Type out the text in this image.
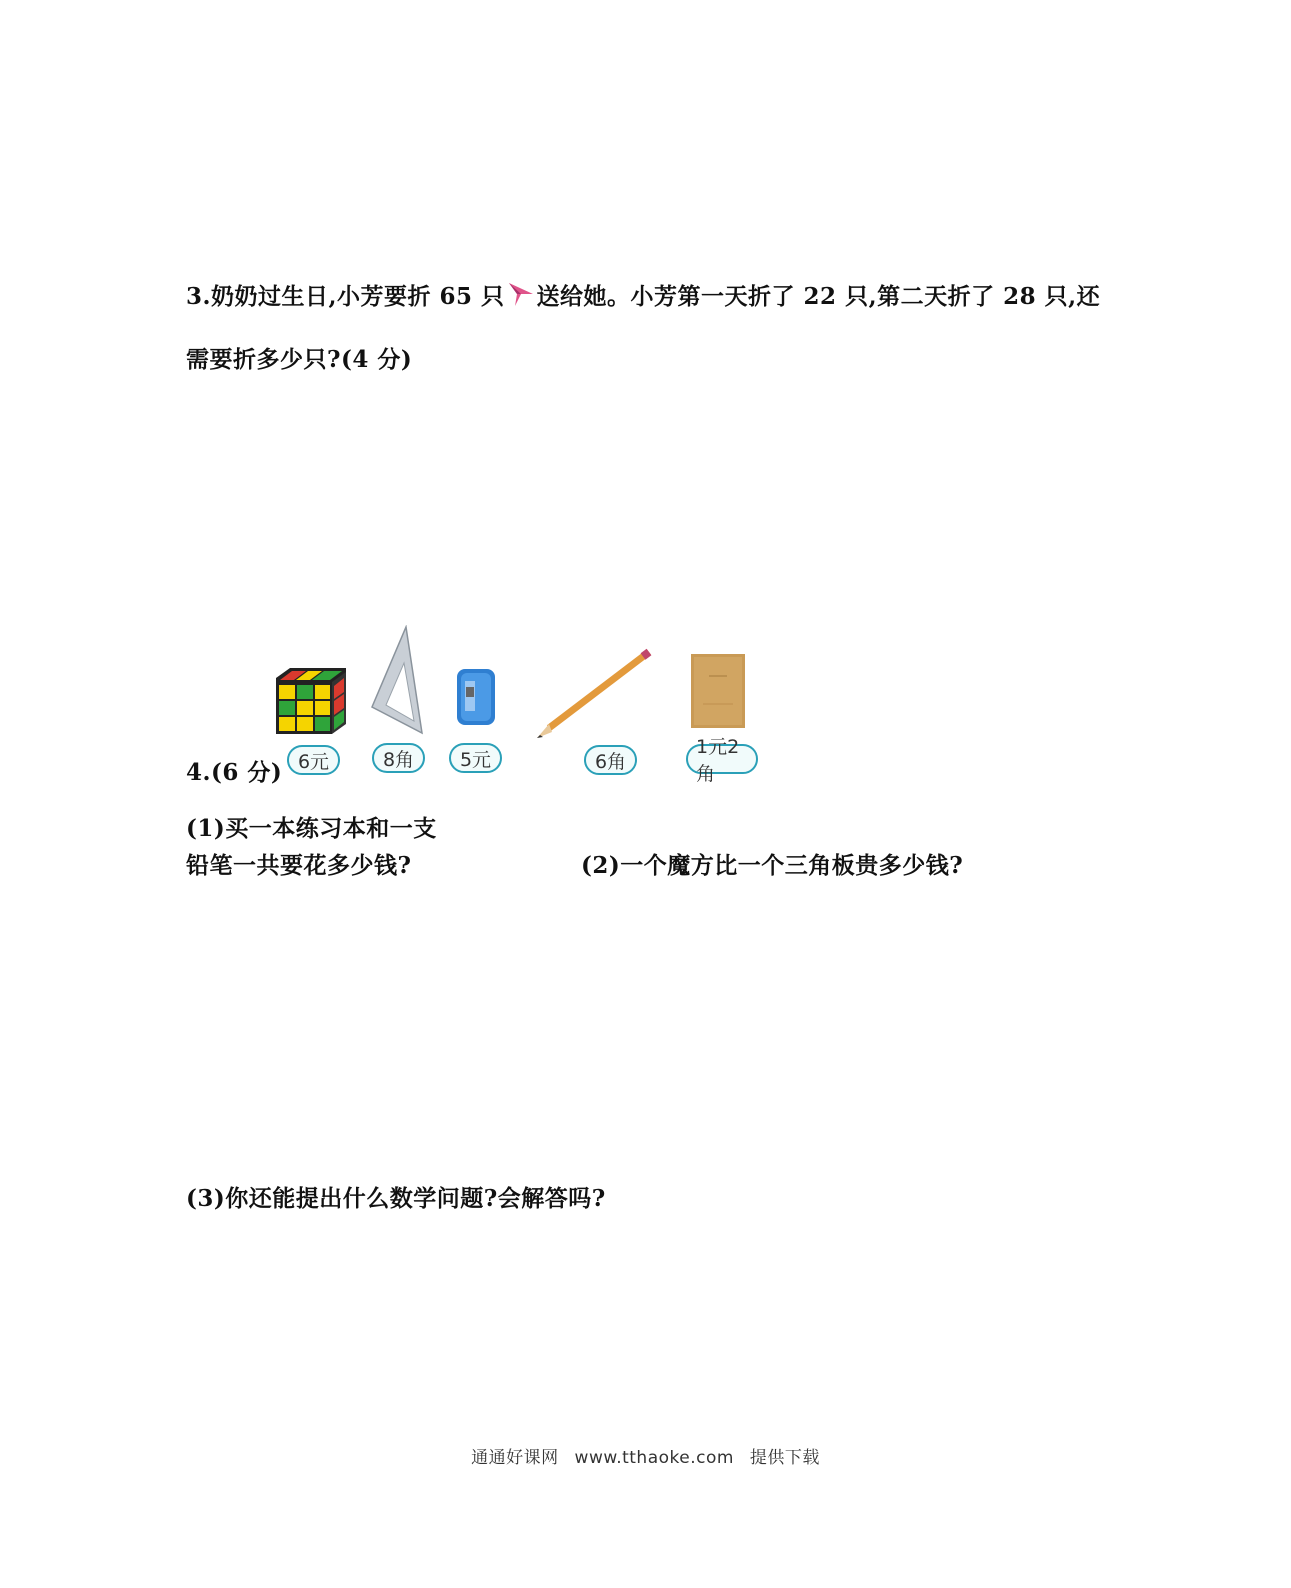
3.奶奶过生日,小芳要折 65 只 送给她。小芳第一天折了 22 只,第二天折了 28 只,还
需要折多少只?(4 分)
4.(6 分) 6元	8角	5元	6角
1元2角
(1)买一本练习本和一支
铅笔一共要花多少钱?	(2)一个魔方比一个三角板贵多少钱?
(3)你还能提出什么数学问题?会解答吗?
通通好课网 www.tthaoke.com 提供下载
